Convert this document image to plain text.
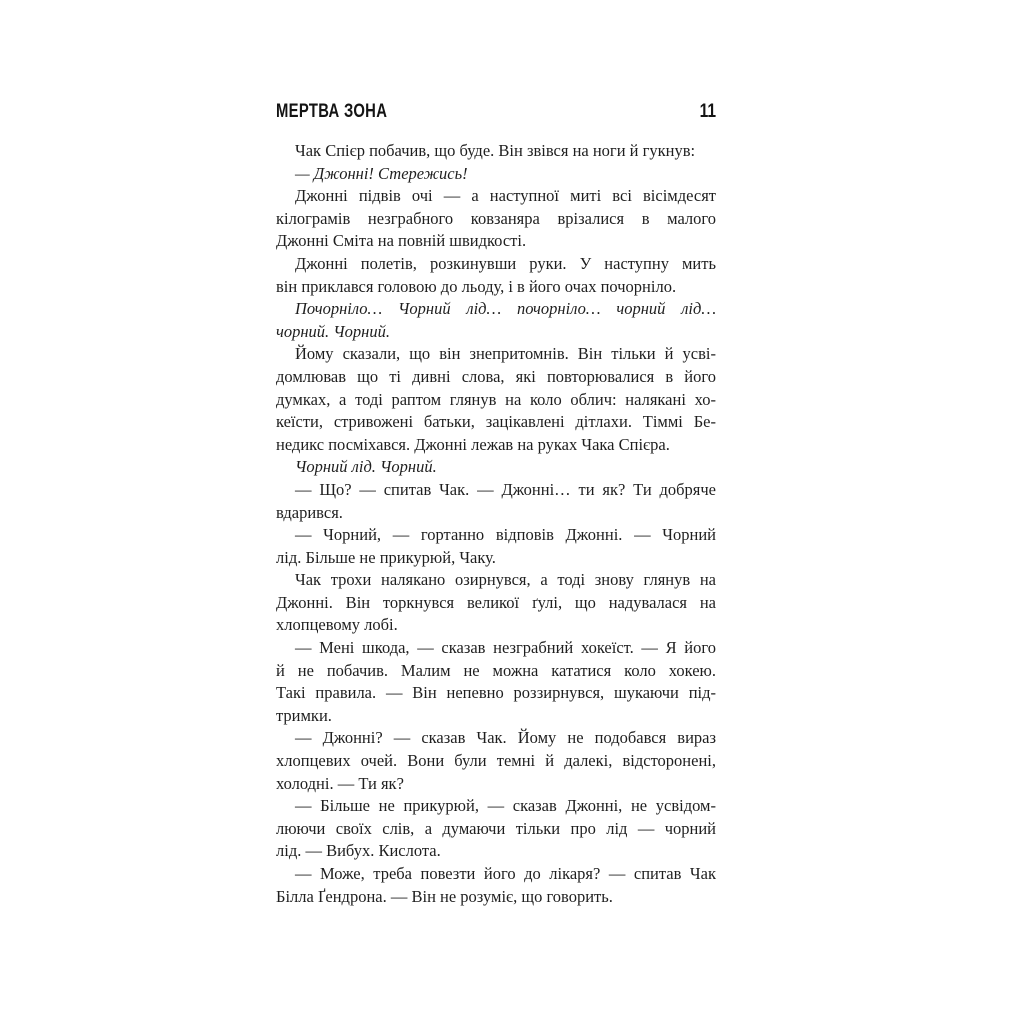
МЕРТВА ЗОНА	11
Чак Спієр побачив, що буде. Він звівся на ноги й гукнув:
— Джонні! Стережись!
Джонні підвів очі — а наступної миті всі вісімдесят
кілограмів незграбного ковзаняра врізалися в малого
Джонні Сміта на повній швидкості.
Джонні полетів, розкинувши руки. У наступну мить
він приклався головою до льоду, і в його очах почорніло.
Почорніло… Чорний лід… почорніло… чорний лід…
чорний. Чорний.
Йому сказали, що він знепритомнів. Він тільки й усві-
домлював що ті дивні слова, які повторювалися в його
думках, а тоді раптом глянув на коло облич: налякані хо-
кеїсти, стривожені батьки, зацікавлені дітлахи. Тіммі Бе-
недикс посміхався. Джонні лежав на руках Чака Спієра.
Чорний лід. Чорний.
— Що? — спитав Чак. — Джонні… ти як? Ти добряче
вдарився.
— Чорний, — гортанно відповів Джонні. — Чорний
лід. Більше не прикурюй, Чаку.
Чак трохи налякано озирнувся, а тоді знову глянув на
Джонні. Він торкнувся великої ґулі, що надувалася на
хлопцевому лобі.
— Мені шкода, — сказав незграбний хокеїст. — Я його
й не побачив. Малим не можна кататися коло хокею.
Такі правила. — Він непевно роззирнувся, шукаючи під-
тримки.
— Джонні? — сказав Чак. Йому не подобався вираз
хлопцевих очей. Вони були темні й далекі, відсторонені,
холодні. — Ти як?
— Більше не прикурюй, — сказав Джонні, не усвідом-
люючи своїх слів, а думаючи тільки про лід — чорний
лід. — Вибух. Кислота.
— Може, треба повезти його до лікаря? — спитав Чак
Білла Ґендрона. — Він не розуміє, що говорить.
